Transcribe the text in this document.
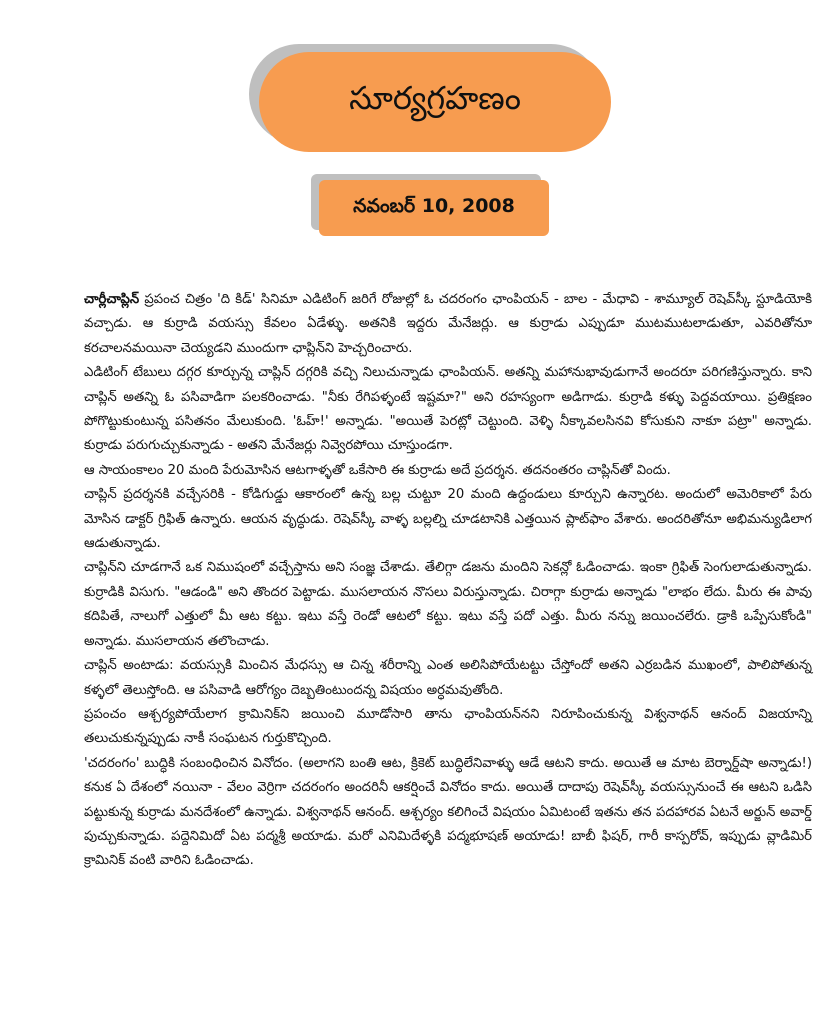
సూర్యగ్రహణం
నవంబర్ 10, 2008

చార్లీచాప్లిన్ ప్రపంచ చిత్రం 'ది కిడ్' సినిమా ఎడిటింగ్ జరిగే రోజుల్లో ఓ చదరంగం ఛాంపియన్ - బాల - మేధావి - శామ్యూల్ రెషెవ్‌స్కీ స్టూడియోకి వచ్చాడు. ఆ కుర్రాడి వయస్సు కేవలం ఏడేళ్ళు. అతనికి ఇద్దరు మేనేజర్లు. ఆ కుర్రాడు ఎప్పుడూ ముటముటలాడుతూ, ఎవరితోనూ కరచాలనమయినా చెయ్యడని ముందుగా ఛాప్లిన్‌ని హెచ్చరించారు.

ఎడిటింగ్ టేబులు దగ్గర కూర్చున్న చాప్లిన్ దగ్గరికి వచ్చి నిలుచున్నాడు ఛాంపియన్. అతన్ని మహానుభావుడుగానే అందరూ పరిగణిస్తున్నారు. కాని చాప్లిన్ అతన్ని ఓ పసివాడిగా పలకరించాడు. "నీకు రేగిపళ్ళంటే ఇష్టమా?" అని రహస్యంగా అడిగాడు. కుర్రాడి కళ్ళు పెద్దవయాయి. ప్రతిక్షణం పోగొట్టుకుంటున్న పసితనం మేలుకుంది. 'ఓహ్!' అన్నాడు. "అయితే పెరట్లో చెట్టుంది. వెళ్ళి నీక్కావలసినవి కోసుకుని నాకూ పట్రా" అన్నాడు. కుర్రాడు పరుగుచ్చుకున్నాడు - అతని మేనేజర్లు నివ్వెరపోయి చూస్తుండగా.

ఆ సాయంకాలం 20 మంది పేరుమోసిన ఆటగాళ్ళతో ఒకేసారి ఈ కుర్రాడు అదే ప్రదర్శన. తదనంతరం చాప్లిన్‌తో విందు.

చాప్లిన్ ప్రదర్శనకి వచ్చేసరికి - కోడిగుడ్డు ఆకారంలో ఉన్న బల్ల చుట్టూ 20 మంది ఉద్దండులు కూర్చుని ఉన్నారట. అందులో అమెరికాలో పేరు మోసిన డాక్టర్ గ్రిఫిత్ ఉన్నారు. ఆయన వృద్ధుడు. రెషెవ్‌స్కీ వాళ్ళ బల్లల్ని చూడటానికి ఎత్తయిన ప్లాట్‌ఫాం వేశారు. అందరితోనూ అభిమన్యుడిలాగ ఆడుతున్నాడు.

చాప్లిన్‌ని చూడగానే ఒక నిముషంలో వచ్చేస్తాను అని సంజ్ఞ చేశాడు. తేలిగ్గా డజను మందిని సెకన్లో ఓడించాడు. ఇంకా గ్రిఫిత్ సెంగులాడుతున్నాడు. కుర్రాడికి విసుగు. "ఆడండి" అని తొందర పెట్టాడు. ముసలాయన నొసలు విరుస్తున్నాడు. చిరాగ్గా కుర్రాడు అన్నాడు "లాభం లేదు. మీరు ఈ పావు కదిపితే, నాలుగో ఎత్తులో మీ ఆట కట్టు. ఇటు వస్తే రెండో ఆటలో కట్టు. ఇటు వస్తే పదో ఎత్తు. మీరు నన్ను జయించలేరు. డ్రాకి ఒప్పేసుకోండి" అన్నాడు. ముసలాయన తలొంచాడు.

చాప్లిన్ అంటాడు: వయస్సుకి మించిన మేధస్సు ఆ చిన్న శరీరాన్ని ఎంత అలిసిపోయేటట్టు చేస్తోందో అతని ఎర్రబడిన ముఖంలో, పాలిపోతున్న కళ్ళలో తెలుస్తోంది. ఆ పసివాడి ఆరోగ్యం దెబ్బతింటుందన్న విషయం అర్ధమవుతోంది.

ప్రపంచం ఆశ్చర్యపోయేలాగ క్రామినిక్‌ని జయించి మూడోసారి తాను ఛాంపియన్‌నని నిరూపించుకున్న విశ్వనాథన్ ఆనంద్ విజయాన్ని తలుచుకున్నప్పుడు నాకీ సంఘటన గుర్తుకొచ్చింది.

'చదరంగం' బుద్ధికి సంబంధించిన వినోదం. (అలాగని బంతి ఆట, క్రికెట్ బుద్ధిలేనివాళ్ళు ఆడే ఆటని కాదు. అయితే ఆ మాట బెర్నార్డ్‌షా అన్నాడు!) కనుక ఏ దేశంలో నయినా - వేలం వెర్రిగా చదరంగం అందరినీ ఆకర్షించే వినోదం కాదు. అయితే దాదాపు రెషెవ్‌స్కీ వయస్సునుంచే ఈ ఆటని ఒడిసి పట్టుకున్న కుర్రాడు మనదేశంలో ఉన్నాడు. విశ్వనాథన్ ఆనంద్. ఆశ్చర్యం కలిగించే విషయం ఏమిటంటే ఇతను తన పదహారవ ఏటనే అర్జున్ అవార్డ్ పుచ్చుకున్నాడు. పద్దెనిమిదో ఏట పద్మశ్రీ అయాడు. మరో ఎనిమిదేళ్ళకి పద్మభూషణ్ అయాడు! బాబీ ఫిషర్, గారీ కాస్పరోవ్, ఇప్పుడు వ్లాడిమిర్ క్రామినిక్ వంటి వారిని ఓడించాడు.
